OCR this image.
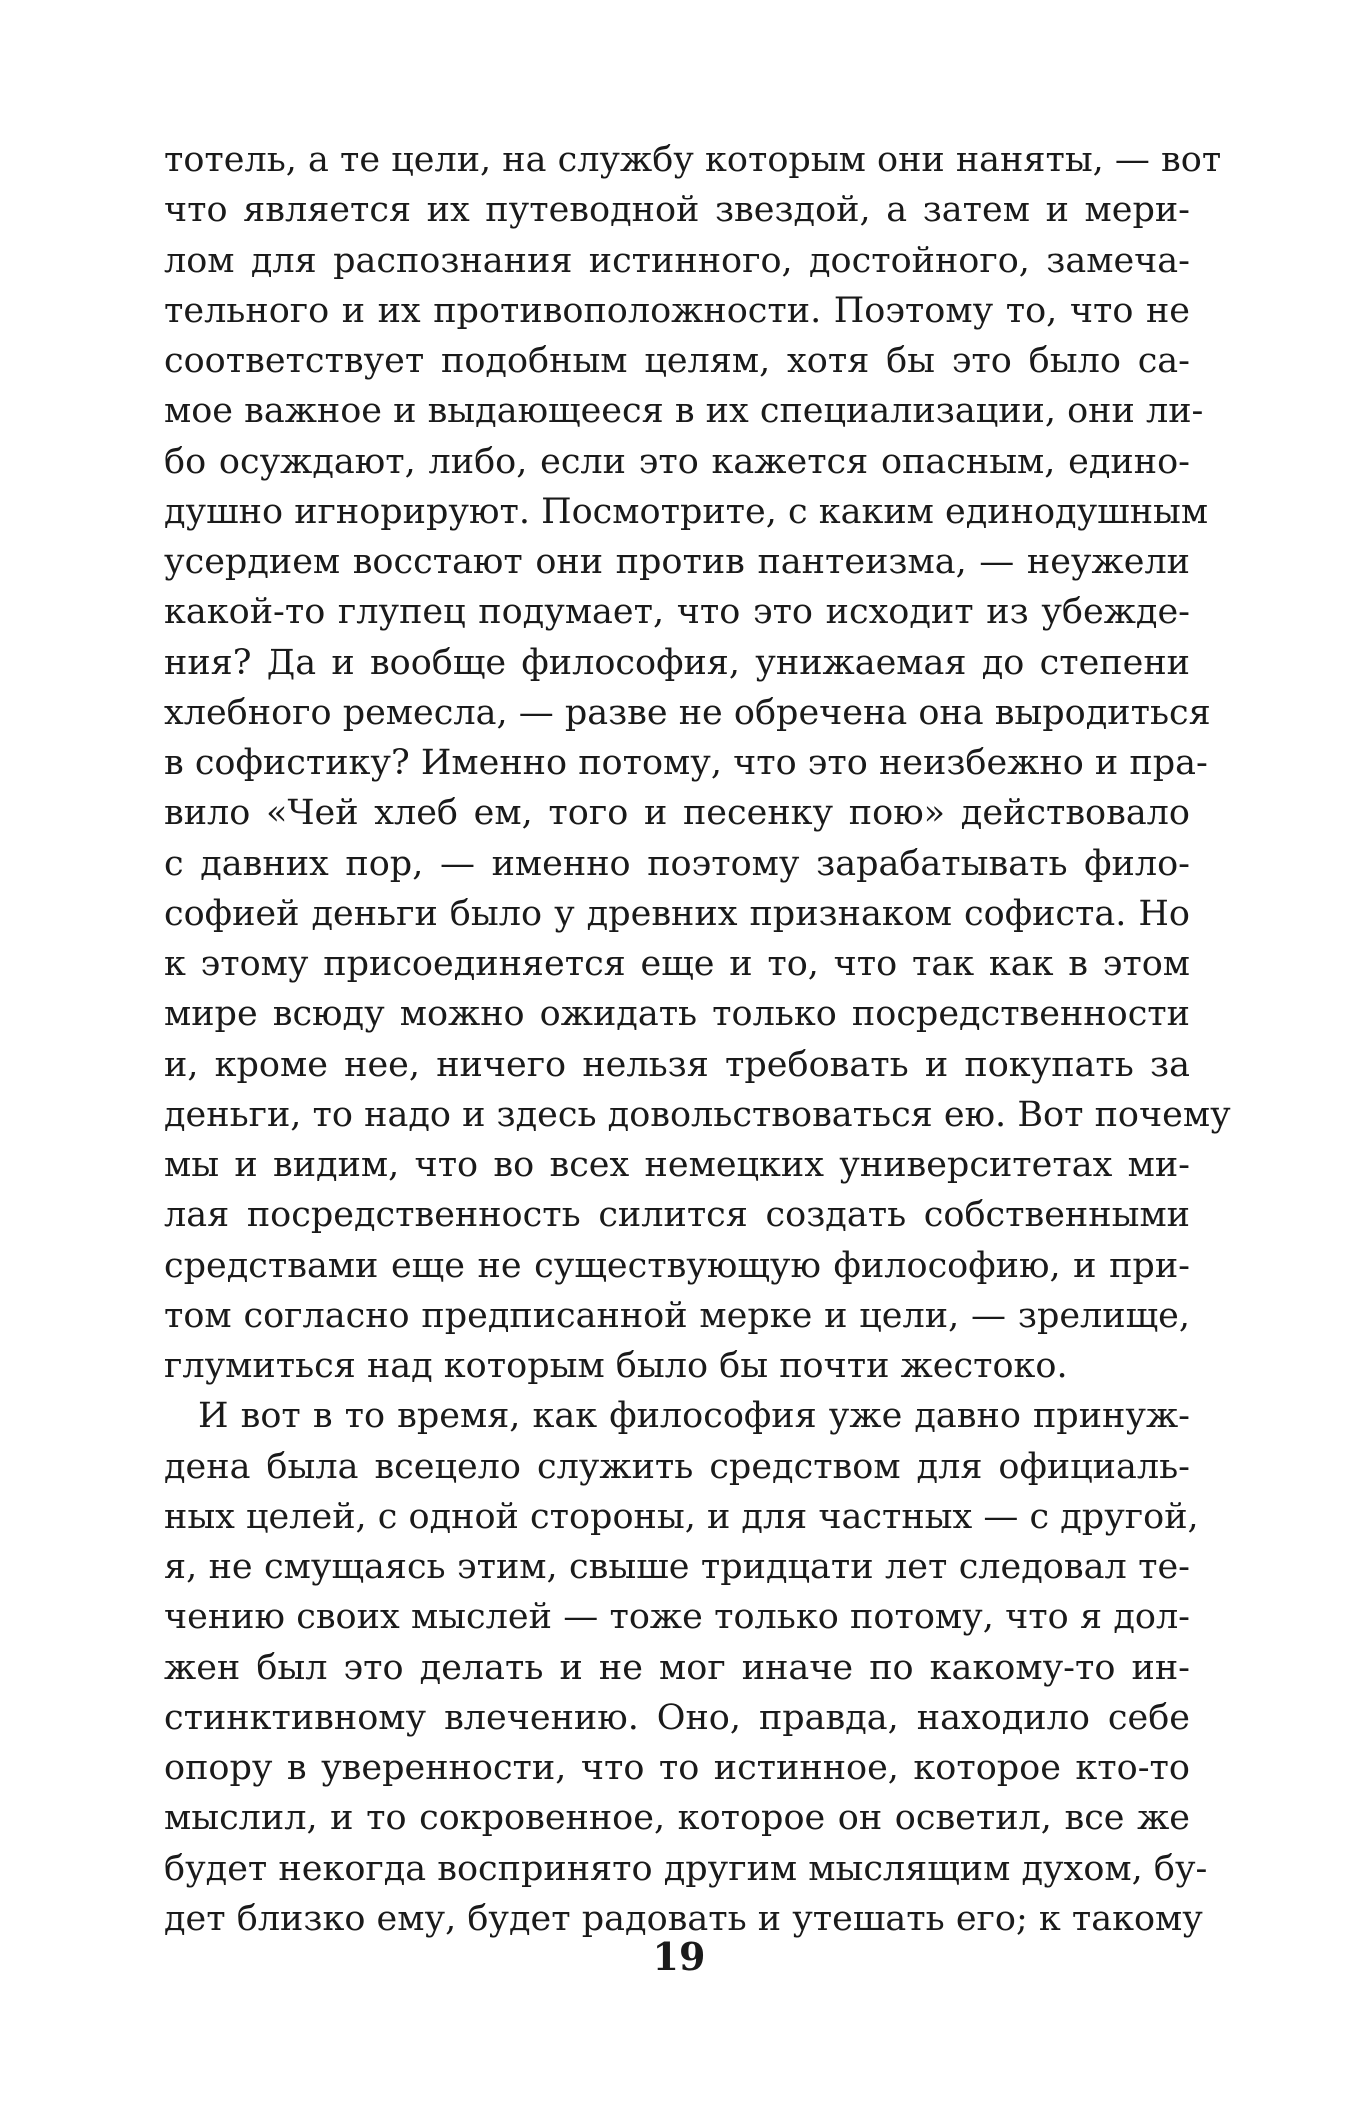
тотель, а те цели, на службу которым они наняты, — вот
что является их путеводной звездой, а затем и мери-
лом для распознания истинного, достойного, замеча-
тельного и их противоположности. Поэтому то, что не
соответствует подобным целям, хотя бы это было са-
мое важное и выдающееся в их специализации, они ли-
бо осуждают, либо, если это кажется опасным, едино-
душно игнорируют. Посмотрите, с каким единодушным
усердием восстают они против пантеизма, — неужели
какой-то глупец подумает, что это исходит из убежде-
ния? Да и вообще философия, унижаемая до степени
хлебного ремесла, — разве не обречена она выродиться
в софистику? Именно потому, что это неизбежно и пра-
вило «Чей хлеб ем, того и песенку пою» действовало
с давних пор, — именно поэтому зарабатывать фило-
софией деньги было у древних признаком софиста. Но
к этому присоединяется еще и то, что так как в этом
мире всюду можно ожидать только посредственности
и, кроме нее, ничего нельзя требовать и покупать за
деньги, то надо и здесь довольствоваться ею. Вот почему
мы и видим, что во всех немецких университетах ми-
лая посредственность силится создать собственными
средствами еще не существующую философию, и при-
том согласно предписанной мерке и цели, — зрелище,
глумиться над которым было бы почти жестоко.
И вот в то время, как философия уже давно принуж-
дена была всецело служить средством для официаль-
ных целей, с одной стороны, и для частных — с другой,
я, не смущаясь этим, свыше тридцати лет следовал те-
чению своих мыслей — тоже только потому, что я дол-
жен был это делать и не мог иначе по какому-то ин-
стинктивному влечению. Оно, правда, находило себе
опору в уверенности, что то истинное, которое кто-то
мыслил, и то сокровенное, которое он осветил, все же
будет некогда воспринято другим мыслящим духом, бу-
дет близко ему, будет радовать и утешать его; к такому
19
